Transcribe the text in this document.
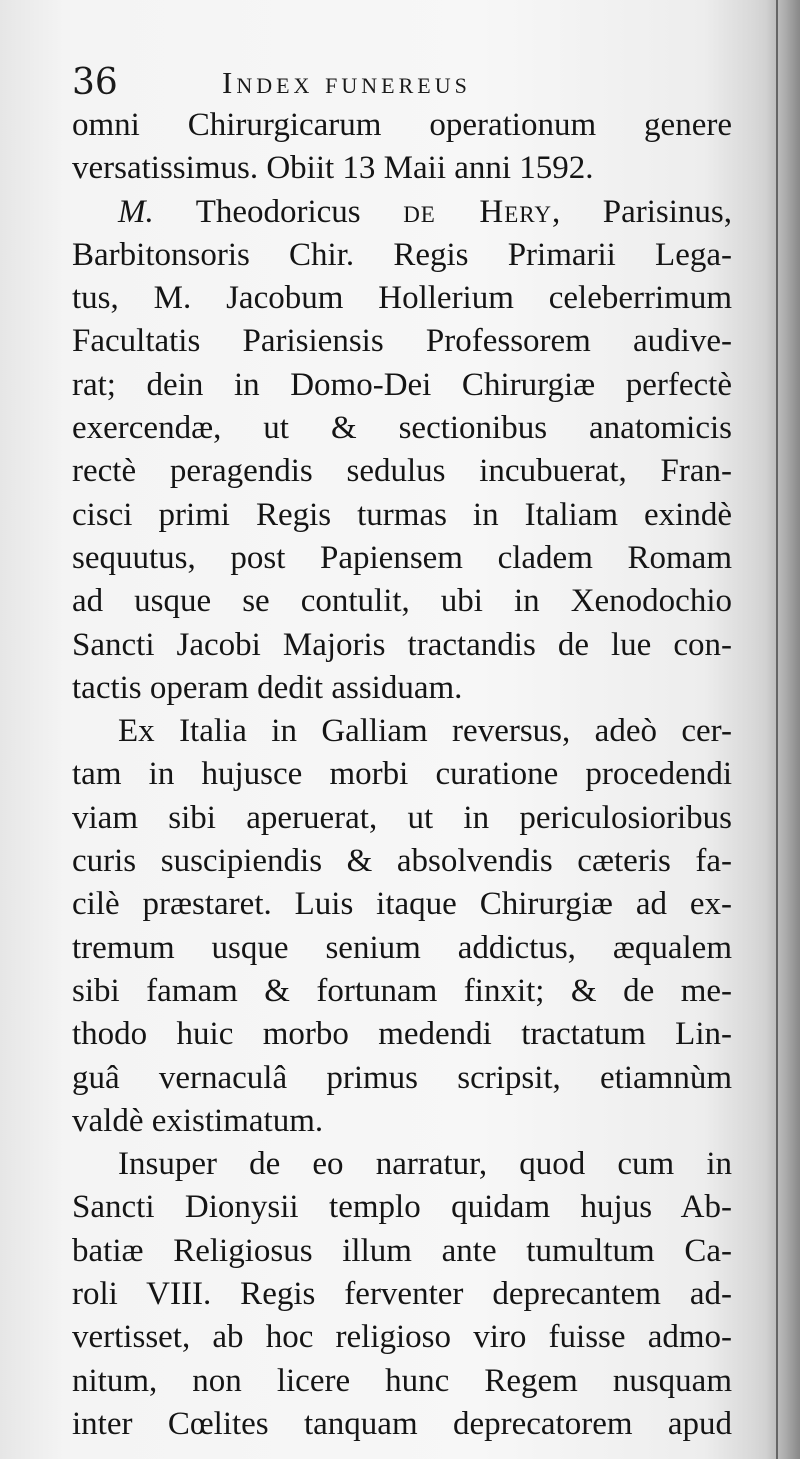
36	Index funereus
omni Chirurgicarum operationum genere
versatissimus. Obiit 13 Maii anni 1592.
M. Theodoricus de Hery, Parisinus,
Barbitonsoris Chir. Regis Primarii Lega-
tus, M. Jacobum Hollerium celeberrimum
Facultatis Parisiensis Professorem audive-
rat; dein in Domo-Dei Chirurgiæ perfectè
exercendæ, ut & sectionibus anatomicis
rectè peragendis sedulus incubuerat, Fran-
cisci primi Regis turmas in Italiam exindè
sequutus, post Papiensem cladem Romam
ad usque se contulit, ubi in Xenodochio
Sancti Jacobi Majoris tractandis de lue con-
tactis operam dedit assiduam.
Ex Italia in Galliam reversus, adeò cer-
tam in hujusce morbi curatione procedendi
viam sibi aperuerat, ut in periculosioribus
curis suscipiendis & absolvendis cæteris fa-
cilè præstaret. Luis itaque Chirurgiæ ad ex-
tremum usque senium addictus, æqualem
sibi famam & fortunam finxit; & de me-
thodo huic morbo medendi tractatum Lin-
guâ vernaculâ primus scripsit, etiamnùm
valdè existimatum.
Insuper de eo narratur, quod cum in
Sancti Dionysii templo quidam hujus Ab-
batiæ Religiosus illum ante tumultum Ca-
roli VIII. Regis ferventer deprecantem ad-
vertisset, ab hoc religioso viro fuisse admo-
nitum, non licere hunc Regem nusquam
inter Cœlites tanquam deprecatorem apud
